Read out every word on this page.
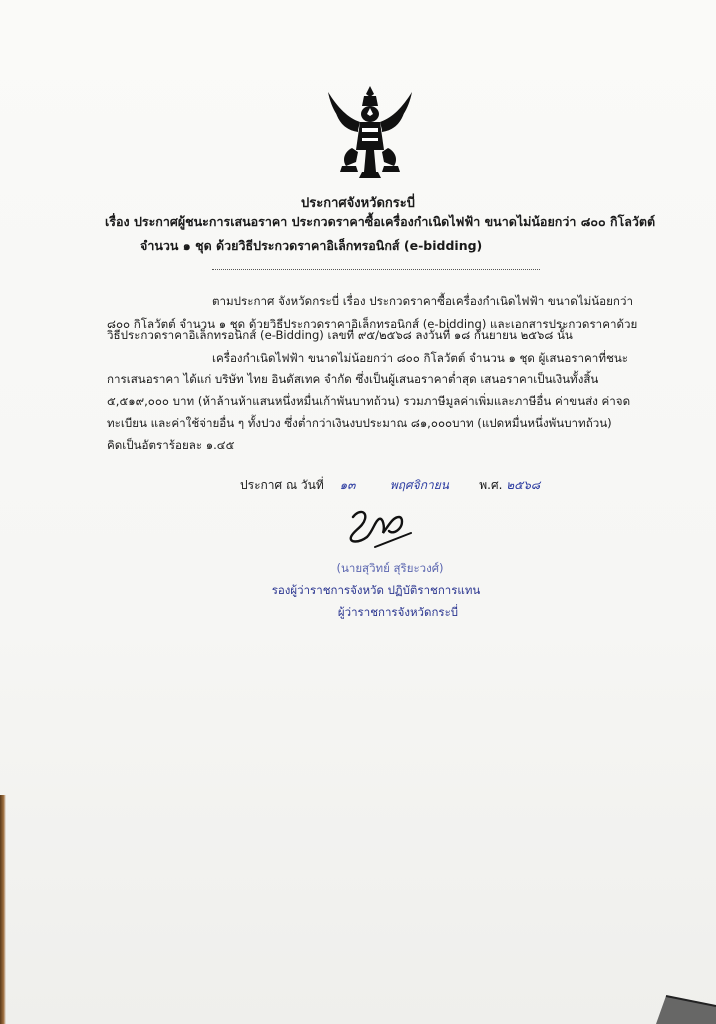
ประกาศจังหวัดกระบี่
เรื่อง ประกาศผู้ชนะการเสนอราคา ประกวดราคาซื้อเครื่องกำเนิดไฟฟ้า ขนาดไม่น้อยกว่า ๘๐๐ กิโลวัตต์
จำนวน ๑ ชุด ด้วยวิธีประกวดราคาอิเล็กทรอนิกส์ (e-bidding)
ตามประกาศ จังหวัดกระบี่ เรื่อง ประกวดราคาซื้อเครื่องกำเนิดไฟฟ้า ขนาดไม่น้อยกว่า
๘๐๐ กิโลวัตต์ จำนวน ๑ ชุด ด้วยวิธีประกวดราคาอิเล็กทรอนิกส์ (e-bidding) และเอกสารประกวดราคาด้วย
วิธีประกวดราคาอิเล็กทรอนิกส์ (e-Bidding) เลขที่ ๙๕/๒๕๖๘ ลงวันที่ ๑๘ กันยายน ๒๕๖๘ นั้น
เครื่องกำเนิดไฟฟ้า ขนาดไม่น้อยกว่า ๘๐๐ กิโลวัตต์ จำนวน ๑ ชุด ผู้เสนอราคาที่ชนะ
การเสนอราคา ได้แก่ บริษัท ไทย อินดัสเทค จำกัด ซึ่งเป็นผู้เสนอราคาต่ำสุด เสนอราคาเป็นเงินทั้งสิ้น
๕,๕๑๙,๐๐๐ บาท (ห้าล้านห้าแสนหนึ่งหมื่นเก้าพันบาทถ้วน) รวมภาษีมูลค่าเพิ่มและภาษีอื่น ค่าขนส่ง ค่าจด
ทะเบียน และค่าใช้จ่ายอื่น ๆ ทั้งปวง ซึ่งต่ำกว่าเงินงบประมาณ ๘๑,๐๐๐บาท (แปดหมื่นหนึ่งพันบาทถ้วน)
คิดเป็นอัตราร้อยละ ๑.๔๕
ประกาศ ณ วันที่ ๑๓	พฤศจิกายน	พ.ศ. ๒๕๖๘
(นายสุวิทย์ สุริยะวงศ์)
รองผู้ว่าราชการจังหวัด ปฏิบัติราชการแทน
ผู้ว่าราชการจังหวัดกระบี่
